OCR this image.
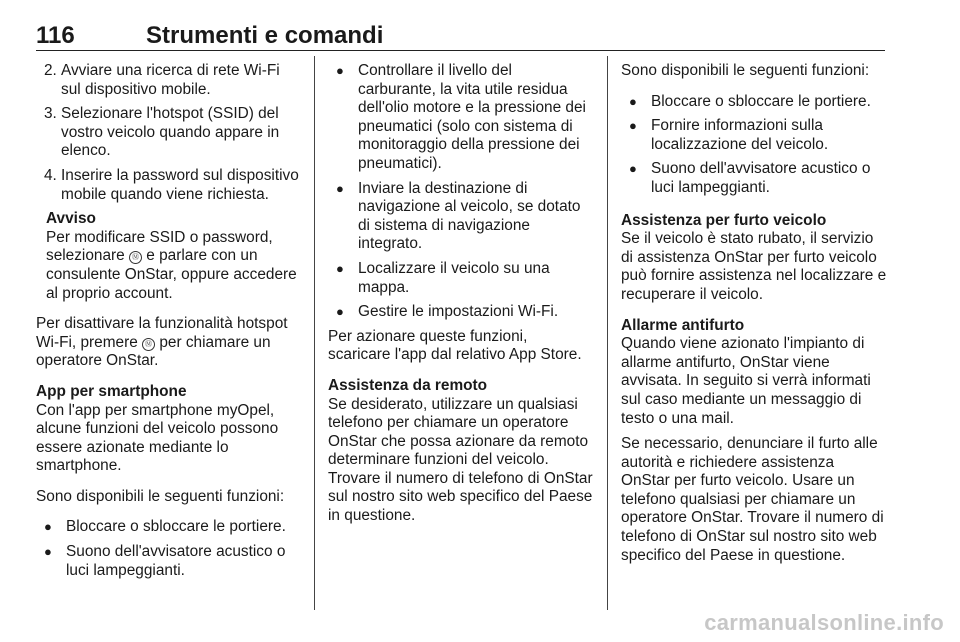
116	Strumenti e comandi
2. Avviare una ricerca di rete Wi-Fi sul dispositivo mobile.
3. Selezionare l'hotspot (SSID) del vostro veicolo quando appare in elenco.
4. Inserire la password sul dispositivo mobile quando viene richiesta.
Avviso
Per modificare SSID o password, selezionare Ⓜ e parlare con un consulente OnStar, oppure accedere al proprio account.

Per disattivare la funzionalità hotspot Wi-Fi, premere Ⓜ per chiamare un operatore OnStar.

App per smartphone
Con l'app per smartphone myOpel, alcune funzioni del veicolo possono essere azionate mediante lo smartphone.

Sono disponibili le seguenti funzioni:

● Bloccare o sbloccare le portiere.
● Suono dell'avvisatore acustico o luci lampeggianti.
● Controllare il livello del carburante, la vita utile residua dell'olio motore e la pressione dei pneumatici (solo con sistema di monitoraggio della pressione dei pneumatici).
● Inviare la destinazione di navigazione al veicolo, se dotato di sistema di navigazione integrato.
● Localizzare il veicolo su una mappa.
● Gestire le impostazioni Wi-Fi.

Per azionare queste funzioni, scaricare l'app dal relativo App Store.

Assistenza da remoto
Se desiderato, utilizzare un qualsiasi telefono per chiamare un operatore OnStar che possa azionare da remoto determinare funzioni del veicolo. Trovare il numero di telefono di OnStar sul nostro sito web specifico del Paese in questione.

Sono disponibili le seguenti funzioni:

● Bloccare o sbloccare le portiere.
● Fornire informazioni sulla localizzazione del veicolo.
● Suono dell'avvisatore acustico o luci lampeggianti.
Assistenza per furto veicolo
Se il veicolo è stato rubato, il servizio di assistenza OnStar per furto veicolo può fornire assistenza nel localizzare e recuperare il veicolo.
Allarme antifurto
Quando viene azionato l'impianto di allarme antifurto, OnStar viene avvisata. In seguito si verrà informati sul caso mediante un messaggio di testo o una mail.

Se necessario, denunciare il furto alle autorità e richiedere assistenza OnStar per furto veicolo. Usare un telefono qualsiasi per chiamare un operatore OnStar. Trovare il numero di telefono di OnStar sul nostro sito web specifico del Paese in questione.

carmanualsonline.info
